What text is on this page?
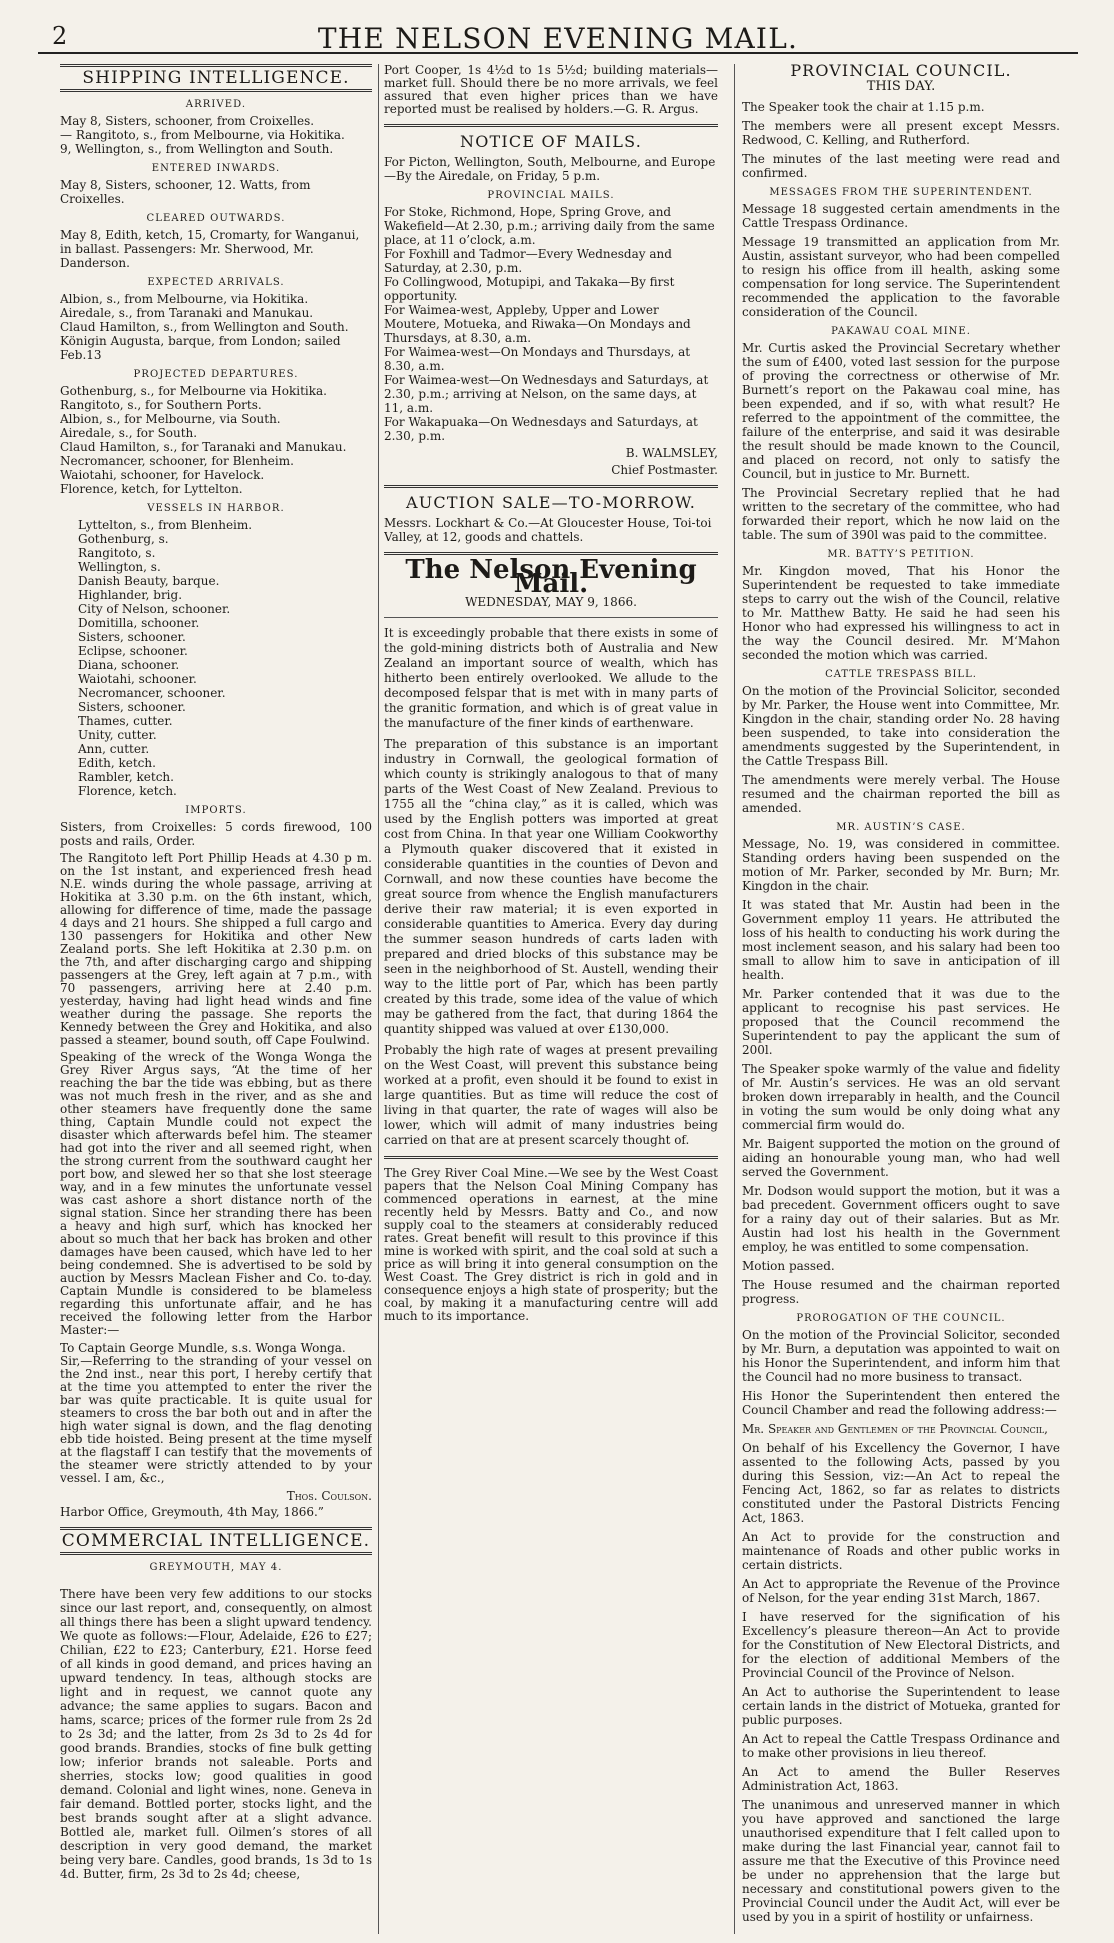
2	THE NELSON EVENING MAIL.
SHIPPING INTELLIGENCE.
ARRIVED.

May 8, Sisters, schooner, from Croixelles.

— Rangitoto, s., from Melbourne, via Hokitika.

9, Wellington, s., from Wellington and South.

ENTERED INWARDS.

May 8, Sisters, schooner, 12. Watts, from Croixelles.

CLEARED OUTWARDS.

May 8, Edith, ketch, 15, Cromarty, for Wanganui, in ballast. Passengers: Mr. Sherwood, Mr. Danderson.

EXPECTED ARRIVALS.

Albion, s., from Melbourne, via Hokitika.

Airedale, s., from Taranaki and Manukau.

Claud Hamilton, s., from Wellington and South.

Königin Augusta, barque, from London; sailed Feb.13

PROJECTED DEPARTURES.

Gothenburg, s., for Melbourne via Hokitika.

Rangitoto, s., for Southern Ports.

Albion, s., for Melbourne, via South.

Airedale, s., for South.

Claud Hamilton, s., for Taranaki and Manukau.

Necromancer, schooner, for Blenheim.

Waiotahi, schooner, for Havelock.

Florence, ketch, for Lyttelton.

VESSELS IN HARBOR.

Lyttelton, s., from Blenheim.

Gothenburg, s.

Rangitoto, s.

Wellington, s.

Danish Beauty, barque.

Highlander, brig.

City of Nelson, schooner.

Domitilla, schooner.

Sisters, schooner.

Eclipse, schooner.

Diana, schooner.

Waiotahi, schooner.

Necromancer, schooner.

Sisters, schooner.

Thames, cutter.

Unity, cutter.

Ann, cutter.

Edith, ketch.

Rambler, ketch.

Florence, ketch.

IMPORTS.

Sisters, from Croixelles: 5 cords firewood, 100 posts and rails, Order.

The Rangitoto left Port Phillip Heads at 4.30 p m. on the 1st instant, and experienced fresh head N.E. winds during the whole passage, arriving at Hokitika at 3.30 p.m. on the 6th instant, which, allowing for difference of time, made the passage 4 days and 21 hours. She shipped a full cargo and 130 passengers for Hokitika and other New Zealand ports. She left Hokitika at 2.30 p.m. on the 7th, and after discharging cargo and shipping passengers at the Grey, left again at 7 p.m., with 70 passengers, arriving here at 2.40 p.m. yesterday, having had light head winds and fine weather during the passage. She reports the Kennedy between the Grey and Hokitika, and also passed a steamer, bound south, off Cape Foulwind.

Speaking of the wreck of the Wonga Wonga the Grey River Argus says, “At the time of her reaching the bar the tide was ebbing, but as there was not much fresh in the river, and as she and other steamers have frequently done the same thing, Captain Mundle could not expect the disaster which afterwards befel him. The steamer had got into the river and all seemed right, when the strong current from the southward caught her port bow, and slewed her so that she lost steerage way, and in a few minutes the unfortunate vessel was cast ashore a short distance north of the signal station. Since her stranding there has been a heavy and high surf, which has knocked her about so much that her back has broken and other damages have been caused, which have led to her being condemned. She is advertised to be sold by auction by Messrs Maclean Fisher and Co. to-day. Captain Mundle is considered to be blameless regarding this unfortunate affair, and he has received the following letter from the Harbor Master:—

To Captain George Mundle, s.s. Wonga Wonga.

Sir,—Referring to the stranding of your vessel on the 2nd inst., near this port, I hereby certify that at the time you attempted to enter the river the bar was quite practicable. It is quite usual for steamers to cross the bar both out and in after the high water signal is down, and the flag denoting ebb tide hoisted. Being present at the time myself at the flagstaff I can testify that the movements of the steamer were strictly attended to by your vessel. I am, &c.,

Thos. Coulson.

Harbor Office, Greymouth, 4th May, 1866.”

COMMERCIAL INTELLIGENCE.
GREYMOUTH, MAY 4.

There have been very few additions to our stocks since our last report, and, consequently, on almost all things there has been a slight upward tendency. We quote as follows:—Flour, Adelaide, £26 to £27; Chilian, £22 to £23; Canterbury, £21. Horse feed of all kinds in good demand, and prices having an upward tendency. In teas, although stocks are light and in request, we cannot quote any advance; the same applies to sugars. Bacon and hams, scarce; prices of the former rule from 2s 2d to 2s 3d; and the latter, from 2s 3d to 2s 4d for good brands. Brandies, stocks of fine bulk getting low; inferior brands not saleable. Ports and sherries, stocks low; good qualities in good demand. Colonial and light wines, none. Geneva in fair demand. Bottled porter, stocks light, and the best brands sought after at a slight advance. Bottled ale, market full. Oilmen’s stores of all description in very good demand, the market being very bare. Candles, good brands, 1s 3d to 1s 4d. Butter, firm, 2s 3d to 2s 4d; cheese,

Port Cooper, 1s 4½d to 1s 5½d; building materials—market full. Should there be no more arrivals, we feel assured that even higher prices than we have reported must be realised by holders.—G. R. Argus.

NOTICE OF MAILS.

For Picton, Wellington, South, Melbourne, and Europe—By the Airedale, on Friday, 5 p.m.

PROVINCIAL MAILS.

For Stoke, Richmond, Hope, Spring Grove, and Wakefield—At 2.30, p.m.; arriving daily from the same place, at 11 o’clock, a.m.

For Foxhill and Tadmor—Every Wednesday and Saturday, at 2.30, p.m.

Fo Collingwood, Motupipi, and Takaka—By first opportunity.

For Waimea-west, Appleby, Upper and Lower Moutere, Motueka, and Riwaka—On Mondays and Thursdays, at 8.30, a.m.

For Waimea-west—On Mondays and Thursdays, at 8.30, a.m.

For Waimea-west—On Wednesdays and Saturdays, at 2.30, p.m.; arriving at Nelson, on the same days, at 11, a.m.

For Wakapuaka—On Wednesdays and Saturdays, at 2.30, p.m.

B. WALMSLEY,

Chief Postmaster.

AUCTION SALE—TO-MORROW.

Messrs. Lockhart & Co.—At Gloucester House, Toi-toi Valley, at 12, goods and chattels.

The Nelson Evening Mail.
WEDNESDAY, MAY 9, 1866.

It is exceedingly probable that there exists in some of the gold-mining districts both of Australia and New Zealand an important source of wealth, which has hitherto been entirely overlooked. We allude to the decomposed felspar that is met with in many parts of the granitic formation, and which is of great value in the manufacture of the finer kinds of earthenware.

The preparation of this substance is an important industry in Cornwall, the geological formation of which county is strikingly analogous to that of many parts of the West Coast of New Zealand. Previous to 1755 all the “china clay,” as it is called, which was used by the English potters was imported at great cost from China. In that year one William Cookworthy a Plymouth quaker discovered that it existed in considerable quantities in the counties of Devon and Cornwall, and now these counties have become the great source from whence the English manufacturers derive their raw material; it is even exported in considerable quantities to America. Every day during the summer season hundreds of carts laden with prepared and dried blocks of this substance may be seen in the neighborhood of St. Austell, wending their way to the little port of Par, which has been partly created by this trade, some idea of the value of which may be gathered from the fact, that during 1864 the quantity shipped was valued at over £130,000.

Probably the high rate of wages at present prevailing on the West Coast, will prevent this substance being worked at a profit, even should it be found to exist in large quantities. But as time will reduce the cost of living in that quarter, the rate of wages will also be lower, which will admit of many industries being carried on that are at present scarcely thought of.

The Grey River Coal Mine.—We see by the West Coast papers that the Nelson Coal Mining Company has commenced operations in earnest, at the mine recently held by Messrs. Batty and Co., and now supply coal to the steamers at considerably reduced rates. Great benefit will result to this province if this mine is worked with spirit, and the coal sold at such a price as will bring it into general consumption on the West Coast. The Grey district is rich in gold and in consequence enjoys a high state of prosperity; but the coal, by making it a manufacturing centre will add much to its importance.

PROVINCIAL COUNCIL.
THIS DAY.

The Speaker took the chair at 1.15 p.m.

The members were all present except Messrs. Redwood, C. Kelling, and Rutherford.

The minutes of the last meeting were read and confirmed.

MESSAGES FROM THE SUPERINTENDENT.

Message 18 suggested certain amendments in the Cattle Trespass Ordinance.

Message 19 transmitted an application from Mr. Austin, assistant surveyor, who had been compelled to resign his office from ill health, asking some compensation for long service. The Superintendent recommended the application to the favorable consideration of the Council.

PAKAWAU COAL MINE.

Mr. Curtis asked the Provincial Secretary whether the sum of £400, voted last session for the purpose of proving the correctness or otherwise of Mr. Burnett’s report on the Pakawau coal mine, has been expended, and if so, with what result? He referred to the appointment of the committee, the failure of the enterprise, and said it was desirable the result should be made known to the Council, and placed on record, not only to satisfy the Council, but in justice to Mr. Burnett.

The Provincial Secretary replied that he had written to the secretary of the committee, who had forwarded their report, which he now laid on the table. The sum of 390l was paid to the committee.

MR. BATTY’S PETITION.

Mr. Kingdon moved, That his Honor the Superintendent be requested to take immediate steps to carry out the wish of the Council, relative to Mr. Matthew Batty. He said he had seen his Honor who had expressed his willingness to act in the way the Council desired. Mr. M‘Mahon seconded the motion which was carried.

CATTLE TRESPASS BILL.

On the motion of the Provincial Solicitor, seconded by Mr. Parker, the House went into Committee, Mr. Kingdon in the chair, standing order No. 28 having been suspended, to take into consideration the amendments suggested by the Superintendent, in the Cattle Trespass Bill.

The amendments were merely verbal. The House resumed and the chairman reported the bill as amended.

MR. AUSTIN’S CASE.

Message, No. 19, was considered in committee. Standing orders having been suspended on the motion of Mr. Parker, seconded by Mr. Burn; Mr. Kingdon in the chair.

It was stated that Mr. Austin had been in the Government employ 11 years. He attributed the loss of his health to conducting his work during the most inclement season, and his salary had been too small to allow him to save in anticipation of ill health.

Mr. Parker contended that it was due to the applicant to recognise his past services. He proposed that the Council recommend the Superintendent to pay the applicant the sum of 200l.

The Speaker spoke warmly of the value and fidelity of Mr. Austin’s services. He was an old servant broken down irreparably in health, and the Council in voting the sum would be only doing what any commercial firm would do.

Mr. Baigent supported the motion on the ground of aiding an honourable young man, who had well served the Government.

Mr. Dodson would support the motion, but it was a bad precedent. Government officers ought to save for a rainy day out of their salaries. But as Mr. Austin had lost his health in the Government employ, he was entitled to some compensation.

Motion passed.

The House resumed and the chairman reported progress.

PROROGATION OF THE COUNCIL.

On the motion of the Provincial Solicitor, seconded by Mr. Burn, a deputation was appointed to wait on his Honor the Superintendent, and inform him that the Council had no more business to transact.

His Honor the Superintendent then entered the Council Chamber and read the following address:—

Mr. Speaker and Gentlemen of the Provincial Council,

On behalf of his Excellency the Governor, I have assented to the following Acts, passed by you during this Session, viz:—An Act to repeal the Fencing Act, 1862, so far as relates to districts constituted under the Pastoral Districts Fencing Act, 1863.

An Act to provide for the construction and maintenance of Roads and other public works in certain districts.

An Act to appropriate the Revenue of the Province of Nelson, for the year ending 31st March, 1867.

I have reserved for the signification of his Excellency’s pleasure thereon—An Act to provide for the Constitution of New Electoral Districts, and for the election of additional Members of the Provincial Council of the Province of Nelson.

An Act to authorise the Superintendent to lease certain lands in the district of Motueka, granted for public purposes.

An Act to repeal the Cattle Trespass Ordinance and to make other provisions in lieu thereof.

An Act to amend the Buller Reserves Administration Act, 1863.

The unanimous and unreserved manner in which you have approved and sanctioned the large unauthorised expenditure that I felt called upon to make during the last Financial year, cannot fail to assure me that the Executive of this Province need be under no apprehension that the large but necessary and constitutional powers given to the Provincial Council under the Audit Act, will ever be used by you in a spirit of hostility or unfairness.
